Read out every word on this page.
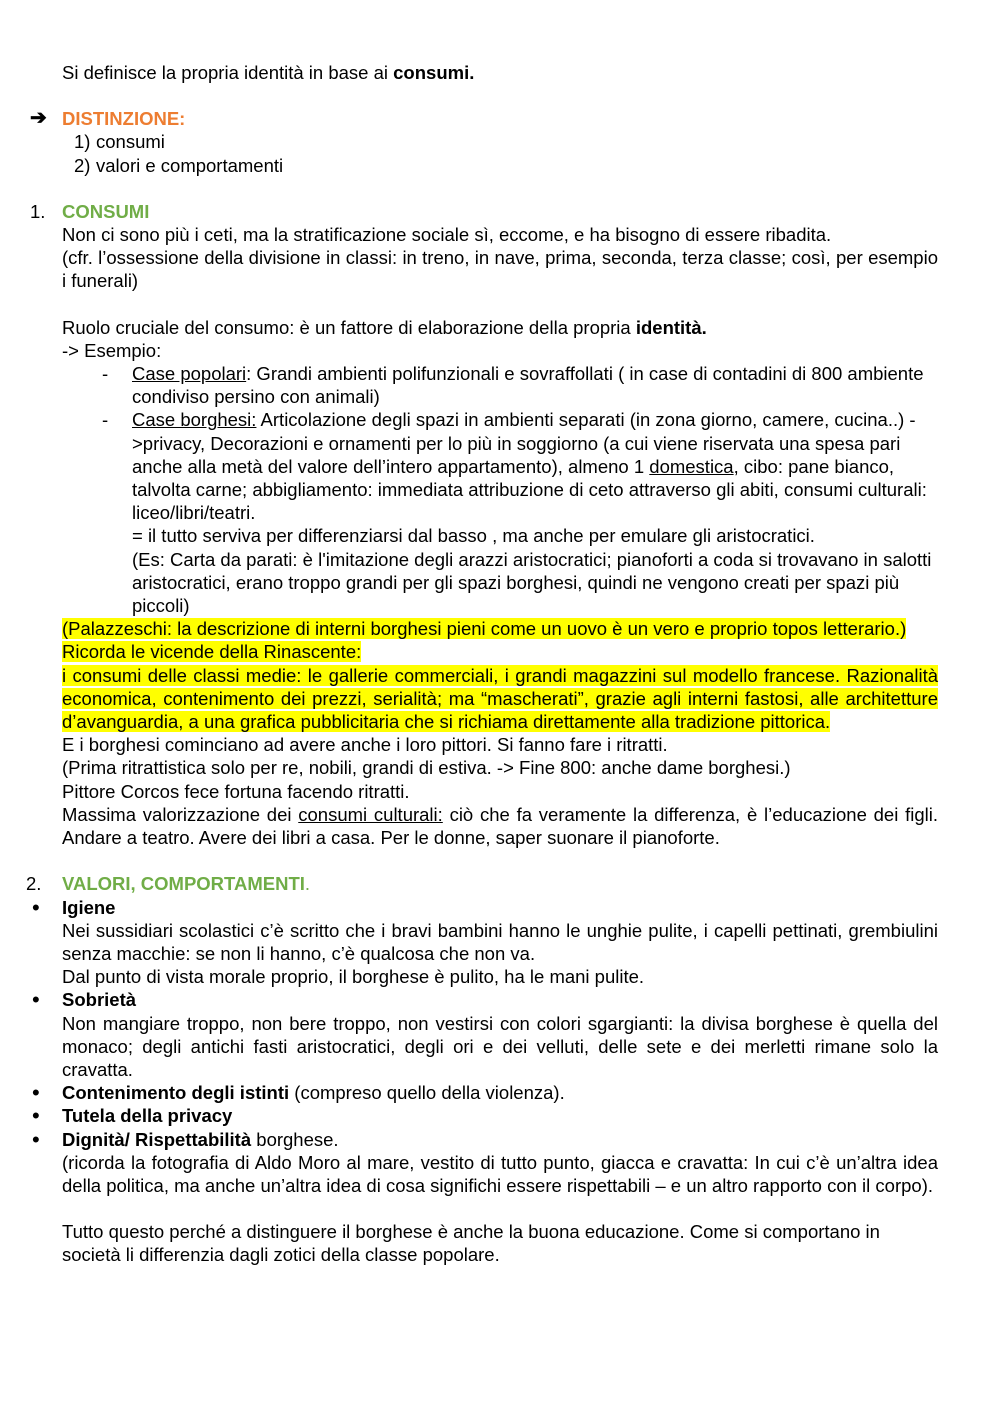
Si definisce la propria identità in base ai consumi.
➔ DISTINZIONE:
1) consumi
2) valori e comportamenti
1. CONSUMI
Non ci sono più i ceti, ma la stratificazione sociale sì, eccome, e ha bisogno di essere ribadita.
(cfr. l’ossessione della divisione in classi: in treno, in nave, prima, seconda, terza classe; così, per esempio i funerali)
Ruolo cruciale del consumo: è un fattore di elaborazione della propria identità.
-> Esempio:
- Case popolari: Grandi ambienti polifunzionali e sovraffollati ( in case di contadini di 800 ambiente condiviso persino con animali)
- Case borghesi: Articolazione degli spazi in ambienti separati (in zona giorno, camere, cucina..) ->privacy, Decorazioni e ornamenti per lo più in soggiorno (a cui viene riservata una spesa pari anche alla metà del valore dell’intero appartamento), almeno 1 domestica, cibo: pane bianco, talvolta carne; abbigliamento: immediata attribuzione di ceto attraverso gli abiti, consumi culturali: liceo/libri/teatri.
= il tutto serviva per differenziarsi dal basso , ma anche per emulare gli aristocratici.
(Es: Carta da parati: è l'imitazione degli arazzi aristocratici; pianoforti a coda si trovavano in salotti aristocratici, erano troppo grandi per gli spazi borghesi, quindi ne vengono creati per spazi più piccoli)
(Palazzeschi: la descrizione di interni borghesi pieni come un uovo è un vero e proprio topos letterario.)
Ricorda le vicende della Rinascente:
i consumi delle classi medie: le gallerie commerciali, i grandi magazzini sul modello francese. Razionalità economica, contenimento dei prezzi, serialità; ma “mascherati”, grazie agli interni fastosi, alle architetture d’avanguardia, a una grafica pubblicitaria che si richiama direttamente alla tradizione pittorica.
E i borghesi cominciano ad avere anche i loro pittori. Si fanno fare i ritratti.
(Prima ritrattistica solo per re, nobili, grandi di estiva. -> Fine 800: anche dame borghesi.)
Pittore Corcos fece fortuna facendo ritratti.
Massima valorizzazione dei consumi culturali: ciò che fa veramente la differenza, è l’educazione dei figli. Andare a teatro. Avere dei libri a casa. Per le donne, saper suonare il pianoforte.
2. VALORI, COMPORTAMENTI.
• Igiene
Nei sussidiari scolastici c’è scritto che i bravi bambini hanno le unghie pulite, i capelli pettinati, grembiulini senza macchie: se non li hanno, c’è qualcosa che non va.
Dal punto di vista morale proprio, il borghese è pulito, ha le mani pulite.
• Sobrietà
Non mangiare troppo, non bere troppo, non vestirsi con colori sgargianti: la divisa borghese è quella del monaco; degli antichi fasti aristocratici, degli ori e dei velluti, delle sete e dei merletti rimane solo la cravatta.
• Contenimento degli istinti (compreso quello della violenza).
• Tutela della privacy
• Dignità/ Rispettabilità borghese.
(ricorda la fotografia di Aldo Moro al mare, vestito di tutto punto, giacca e cravatta: In cui c’è un’altra idea della politica, ma anche un’altra idea di cosa significhi essere rispettabili – e un altro rapporto con il corpo).
Tutto questo perché a distinguere il borghese è anche la buona educazione. Come si comportano in società li differenzia dagli zotici della classe popolare.
